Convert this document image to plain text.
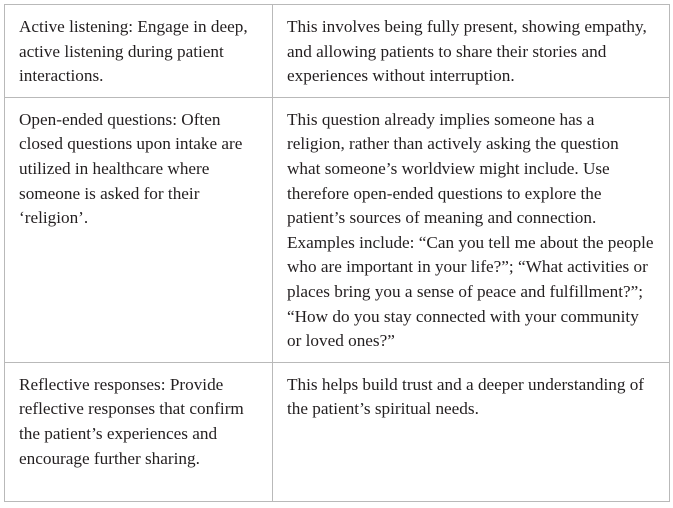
Active listening: Engage in deep, active listening during patient interactions.	This involves being fully present, showing empathy, and allowing patients to share their stories and experiences without interruption.
Open-ended questions: Often closed questions upon intake are utilized in healthcare where someone is asked for their ‘religion’.	This question already implies someone has a religion, rather than actively asking the question what someone’s worldview might include. Use therefore open-ended questions to explore the patient’s sources of meaning and connection. Examples include: “Can you tell me about the people who are important in your life?”; “What activities or places bring you a sense of peace and fulfillment?”; “How do you stay connected with your community or loved ones?”
Reflective responses: Provide reflective responses that confirm the patient’s experiences and encourage further sharing.	This helps build trust and a deeper understanding of the patient’s spiritual needs.
